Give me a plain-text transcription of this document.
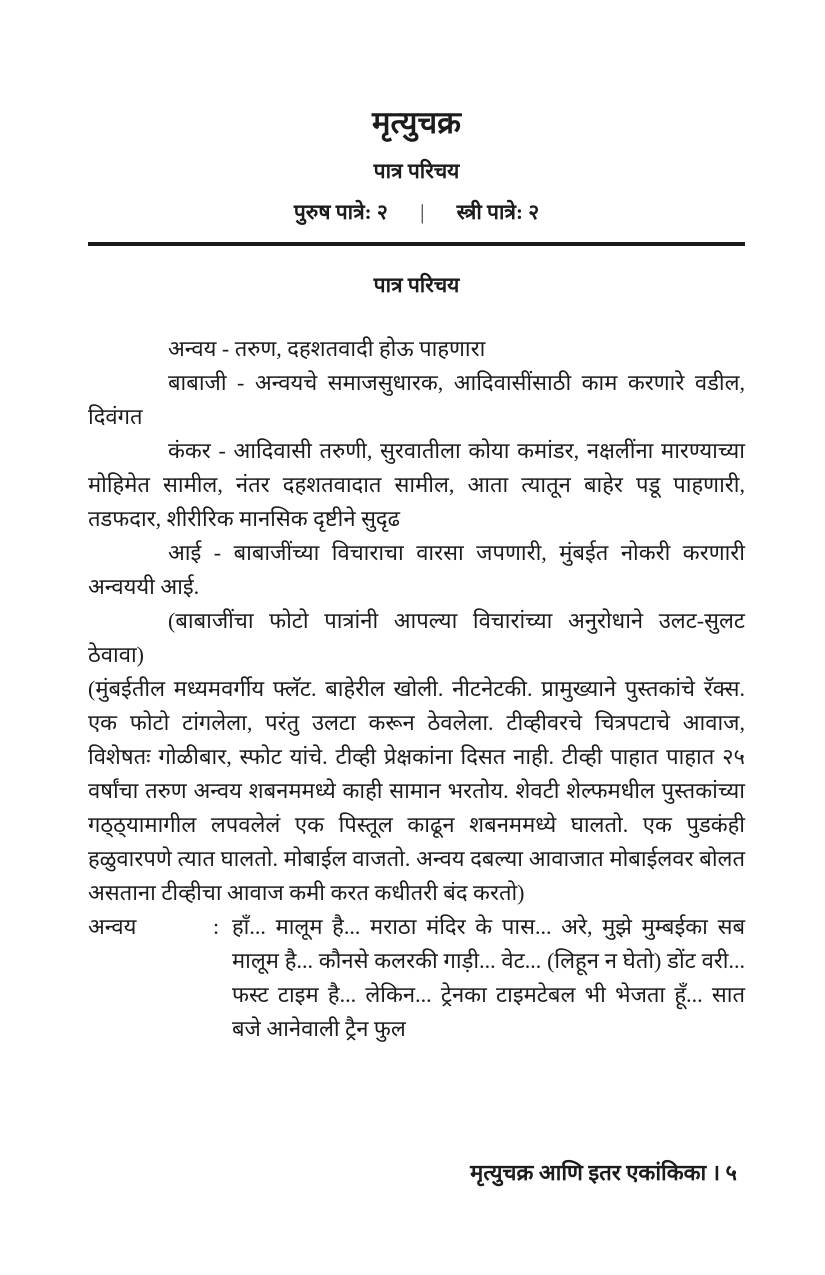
मृत्युचक्र
पात्र परिचय
पुरुष पात्रे: २ | स्त्री पात्रे: २
पात्र परिचय

अन्वय - तरुण, दहशतवादी होऊ पाहणारा

बाबाजी - अन्वयचे समाजसुधारक, आदिवासींसाठी काम करणारे वडील, दिवंगत

कंकर - आदिवासी तरुणी, सुरवातीला कोया कमांडर, नक्षलींना मारण्याच्या मोहिमेत सामील, नंतर दहशतवादात सामील, आता त्यातून बाहेर पडू पाहणारी, तडफदार, शीरीरिक मानसिक दृष्टीने सुदृढ

आई - बाबाजींच्या विचाराचा वारसा जपणारी, मुंबईत नोकरी करणारी अन्वययी आई.

(बाबाजींचा फोटो पात्रांनी आपल्या विचारांच्या अनुरोधाने उलट-सुलट ठेवावा)

(मुंबईतील मध्यमवर्गीय फ्लॅट. बाहेरील खोली. नीटनेटकी. प्रामुख्याने पुस्तकांचे रॅक्स. एक फोटो टांगलेला, परंतु उलटा करून ठेवलेला. टीव्हीवरचे चित्रपटाचे आवाज, विशेषतः गोळीबार, स्फोट यांचे. टीव्ही प्रेक्षकांना दिसत नाही. टीव्ही पाहात पाहात २५ वर्षांचा तरुण अन्वय शबनममध्ये काही सामान भरतोय. शेवटी शेल्फमधील पुस्तकांच्या गठ्ठ्यामागील लपवलेलं एक पिस्तूल काढून शबनममध्ये घालतो. एक पुडकंही हळुवारपणे त्यात घालतो. मोबाईल वाजतो. अन्वय दबल्या आवाजात मोबाईलवर बोलत असताना टीव्हीचा आवाज कमी करत कधीतरी बंद करतो)

अन्वय	: हाँ... मालूम है... मराठा मंदिर के पास... अरे, मुझे मुम्बईका सब मालूम है... कौनसे कलरकी गाड़ी... वेट... (लिहून न घेतो) डोंट वरी... फस्ट टाइम है... लेकिन... ट्रेनका टाइमटेबल भी भेजता हूँ... सात बजे आनेवाली ट्रैन फुल
मृत्युचक्र आणि इतर एकांकिका । ५
